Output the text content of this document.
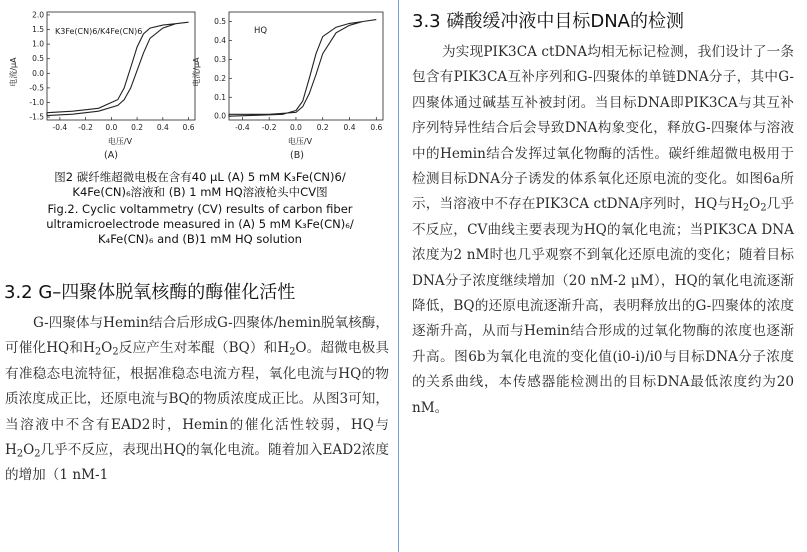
2.0
1.5
1.0
0.5
0.0
-0.5
-1.0
-1.5
-0.4 -0.2 0.0 0.2 0.4 0.6
K3Fe(CN)6/K4Fe(CN)6
电流/μA
电压/V
(A)
0.5
0.4
0.3
0.2
0.1
0.0
-0.4 -0.2 0.0 0.2 0.4 0.6
HQ
电流/μA
电压/V
(B)
图2 碳纤维超微电极在含有40 μL (A) 5 mM K₃Fe(CN)6/
K4Fe(CN)₆溶液和 (B) 1 mM HQ溶液枪头中CV图
Fig.2. Cyclic voltammetry (CV) results of carbon fiber
ultramicroelectrode measured in (A) 5 mM K₃Fe(CN)₆/
K₄Fe(CN)₆ and (B)1 mM HQ solution
3.2 G–四聚体脱氧核酶的酶催化活性
G-四聚体与Hemin结合后形成G-四聚体/hemin脱氧核酶，可催化HQ和$H_2O_2$反应产生对苯醌（BQ）和$H_2O$。超微电极具有准稳态电流特征，根据准稳态电流方程，氧化电流与HQ的物质浓度成正比，还原电流与BQ的物质浓度成正比。从图3可知，当溶液中不含有EAD2时，Hemin的催化活性较弱，HQ与$H_2O_2$几乎不反应，表现出HQ的氧化电流。随着加入EAD2浓度的增加（1 nM-1
3.3 磷酸缓冲液中目标DNA的检测
为实现PIK3CA ctDNA均相无标记检测，我们设计了一条包含有PIK3CA互补序列和G-四聚体的单链DNA分子，其中G-四聚体通过碱基互补被封闭。当目标DNA即PIK3CA与其互补序列特异性结合后会导致DNA构象变化，释放G-四聚体与溶液中的Hemin结合发挥过氧化物酶的活性。碳纤维超微电极用于检测目标DNA分子诱发的体系氧化还原电流的变化。如图6a所示，当溶液中不存在PIK3CA ctDNA序列时，HQ与$H_2O_2$几乎不反应，CV曲线主要表现为HQ的氧化电流；当PIK3CA DNA浓度为2 nM时也几乎观察不到氧化还原电流的变化；随着目标DNA分子浓度继续增加（20 nM-2 μM），HQ的氧化电流逐渐降低，BQ的还原电流逐渐升高，表明释放出的G-四聚体的浓度逐渐升高，从而与Hemin结合形成的过氧化物酶的浓度也逐渐升高。图6b为氧化电流的变化值(i0-i)/i0与目标DNA分子浓度的关系曲线，本传感器能检测出的目标DNA最低浓度约为20 nM。
